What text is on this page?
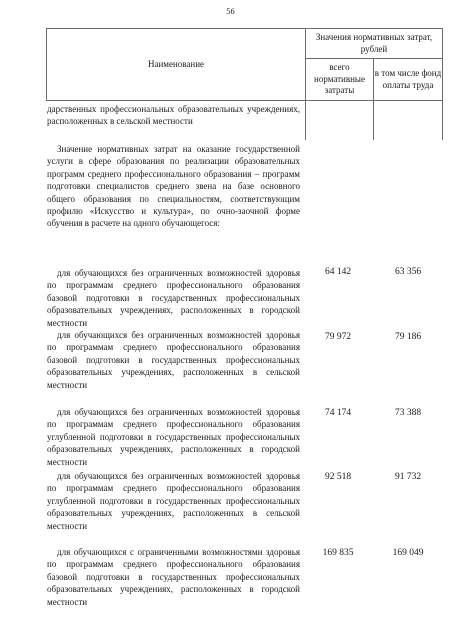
56
Наименование
Значения нормативных затрат, рублей
всего нормативные затраты
в том числе фонд оплаты труда
дарственных профессиональных образовательных учреждениях, расположенных в сельской местности
Значение нормативных затрат на оказание государственной услуги в сфере образования по реализации образовательных программ среднего профессионального образования – программ подготовки специалистов среднего звена на базе основного общего образования по специальностям, соответствующим профилю «Искусство и культура», по очно-заочной форме обучения в расчете на одного обучающегося:
для обучающихся без ограниченных возможностей здоровья по программам среднего профессионального образования базовой подготовки в государственных профессиональных образовательных учреждениях, расположенных в городской местности
64 142	63 356
для обучающихся без ограниченных возможностей здоровья по программам среднего профессионального образования базовой подготовки в государственных профессиональных образовательных учреждениях, расположенных в сельской местности
79 972	79 186
для обучающихся без ограниченных возможностей здоровья по программам среднего профессионального образования углубленной подготовки в государственных профессиональных образовательных учреждениях, расположенных в городской местности
74 174	73 388
для обучающихся без ограниченных возможностей здоровья по программам среднего профессионального образования углубленной подготовки в государственных профессиональных образовательных учреждениях, расположенных в сельской местности
92 518	91 732
для обучающихся с ограниченными возможностями здоровья по программам среднего профессионального образования базовой подготовки в государственных профессиональных образовательных учреждениях, расположенных в городской местности
169 835	169 049
